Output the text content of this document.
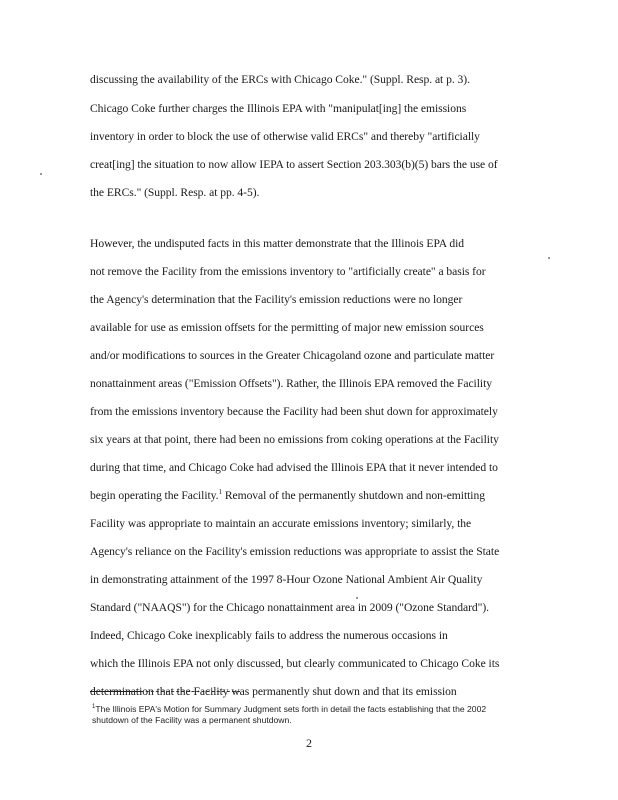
discussing the availability of the ERCs with Chicago Coke." (Suppl. Resp. at p. 3).
Chicago Coke further charges the Illinois EPA with "manipulat[ing] the emissions
inventory in order to block the use of otherwise valid ERCs" and thereby "artificially
creat[ing] the situation to now allow IEPA to assert Section 203.303(b)(5) bars the use of
the ERCs." (Suppl. Resp. at pp. 4-5).
However, the undisputed facts in this matter demonstrate that the Illinois EPA did
not remove the Facility from the emissions inventory to "artificially create" a basis for
the Agency's determination that the Facility's emission reductions were no longer
available for use as emission offsets for the permitting of major new emission sources
and/or modifications to sources in the Greater Chicagoland ozone and particulate matter
nonattainment areas ("Emission Offsets"). Rather, the Illinois EPA removed the Facility
from the emissions inventory because the Facility had been shut down for approximately
six years at that point, there had been no emissions from coking operations at the Facility
during that time, and Chicago Coke had advised the Illinois EPA that it never intended to
begin operating the Facility.$^1$ Removal of the permanently shutdown and non-emitting
Facility was appropriate to maintain an accurate emissions inventory; similarly, the
Agency's reliance on the Facility's emission reductions was appropriate to assist the State
in demonstrating attainment of the 1997 8-Hour Ozone National Ambient Air Quality
Standard ("NAAQS") for the Chicago nonattainment area in 2009 ("Ozone Standard").
Indeed, Chicago Coke inexplicably fails to address the numerous occasions in
which the Illinois EPA not only discussed, but clearly communicated to Chicago Coke its
determination that the Facility was permanently shut down and that its emission
$^1$The Illinois EPA's Motion for Summary Judgment sets forth in detail the facts establishing that the 2002
shutdown of the Facility was a permanent shutdown.
2
